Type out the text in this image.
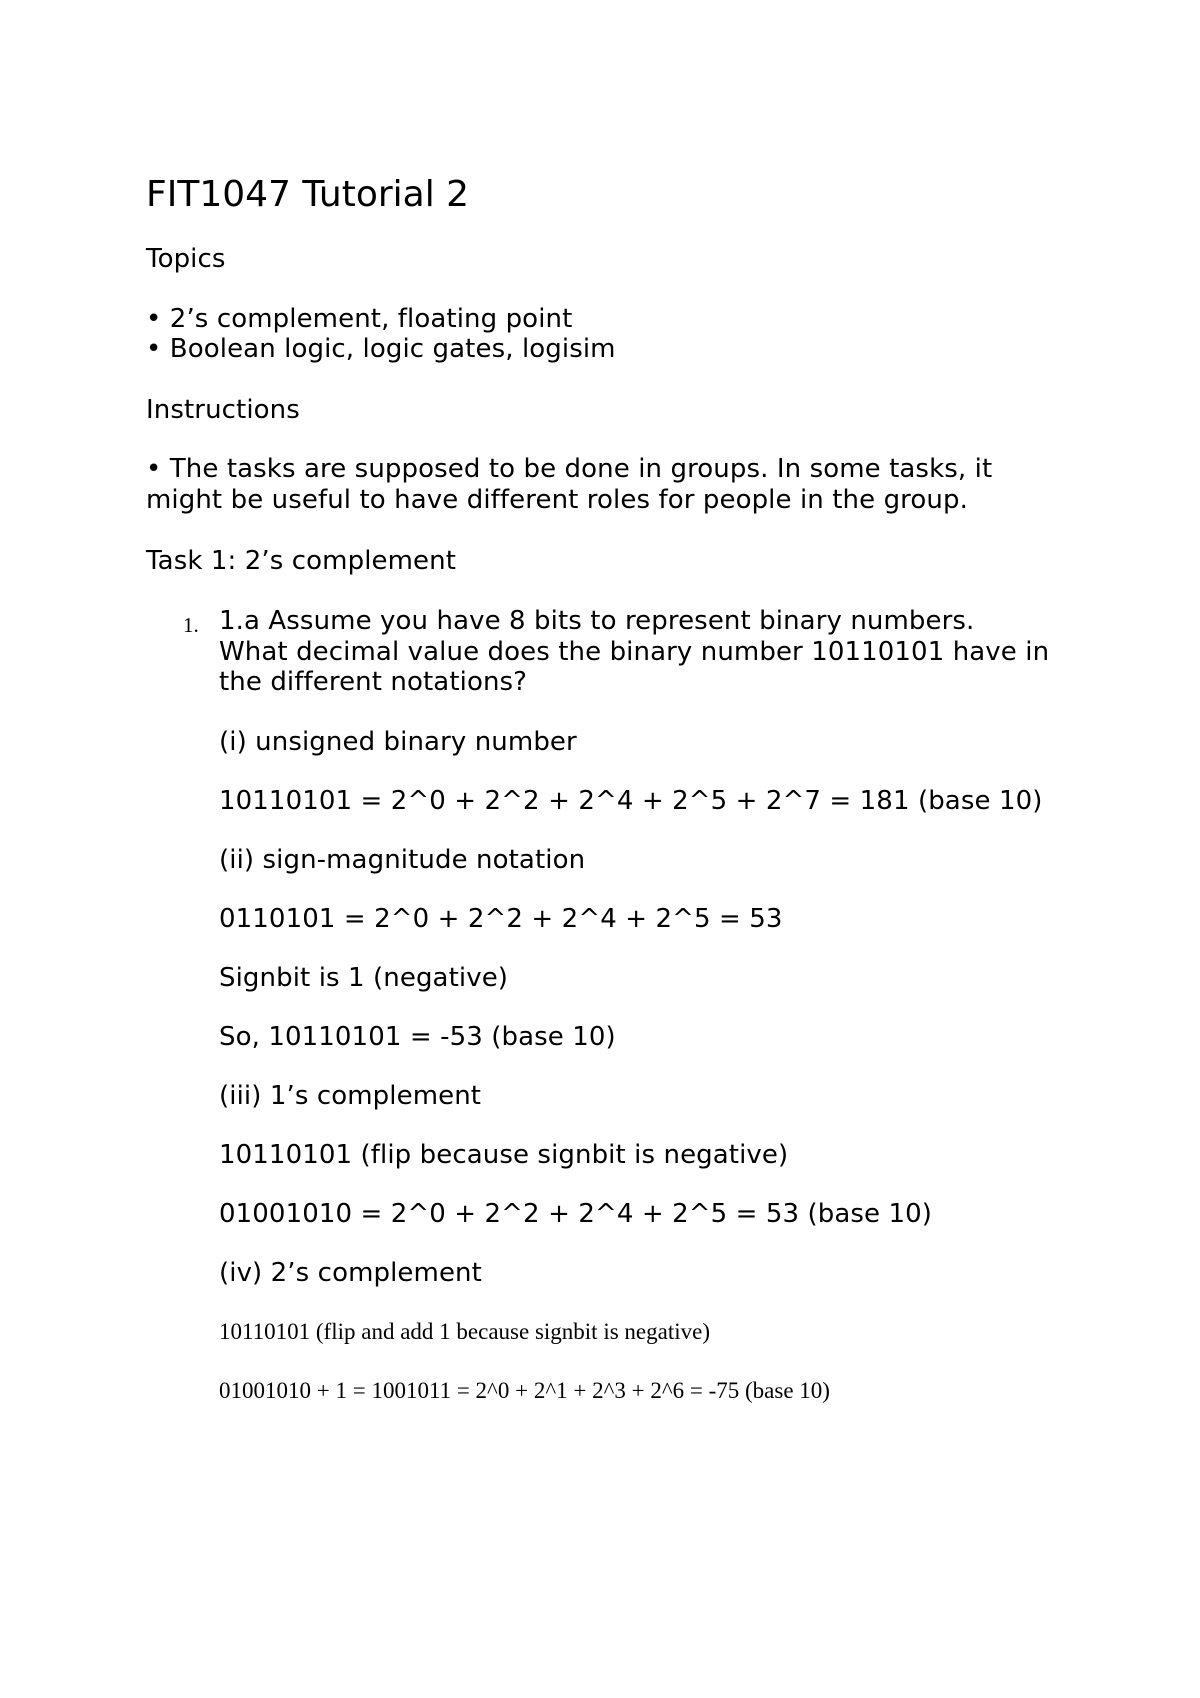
FIT1047 Tutorial 2
Topics
• 2’s complement, floating point
• Boolean logic, logic gates, logisim
Instructions
• The tasks are supposed to be done in groups. In some tasks, it
might be useful to have different roles for people in the group.
Task 1: 2’s complement
1. 1.a Assume you have 8 bits to represent binary numbers.
What decimal value does the binary number 10110101 have in
the different notations?
(i) unsigned binary number
10110101 = 2^0 + 2^2 + 2^4 + 2^5 + 2^7 = 181 (base 10)
(ii) sign-magnitude notation
0110101 = 2^0 + 2^2 + 2^4 + 2^5 = 53
Signbit is 1 (negative)
So, 10110101 = -53 (base 10)
(iii) 1’s complement
10110101 (flip because signbit is negative)
01001010 = 2^0 + 2^2 + 2^4 + 2^5 = 53 (base 10)
(iv) 2’s complement
10110101 (flip and add 1 because signbit is negative)
01001010 + 1 = 1001011 = 2^0 + 2^1 + 2^3 + 2^6 = -75 (base 10)
